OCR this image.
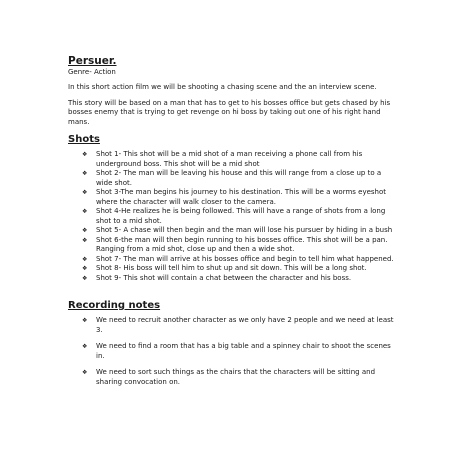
Persuer.

Genre- Action

In this short action film we will be shooting a chasing scene and the an interview scene.

This story will be based on a man that has to get to his bosses office but gets chased by his bosses enemy that is trying to get revenge on hi boss by taking out one of his right hand mans.

Shots

❖ Shot 1- This shot will be a mid shot of a man receiving a phone call from his underground boss. This shot will be a mid shot
❖ Shot 2- The man will be leaving his house and this will range from a close up to a wide shot.
❖ Shot 3-The man begins his journey to his destination. This will be a worms eyeshot where the character will walk closer to the camera.
❖ Shot 4-He realizes he is being followed. This will have a range of shots from a long shot to a mid shot.
❖ Shot 5- A chase will then begin and the man will lose his pursuer by hiding in a bush
❖ Shot 6-the man will then begin running to his bosses office. This shot will be a pan. Ranging from a mid shot, close up and then a wide shot.
❖ Shot 7- The man will arrive at his bosses office and begin to tell him what happened.
❖ Shot 8- His boss will tell him to shut up and sit down. This will be a long shot.
❖ Shot 9- This shot will contain a chat between the character and his boss.

Recording notes

❖ We need to recruit another character as we only have 2 people and we need at least 3.
❖ We need to find a room that has a big table and a spinney chair to shoot the scenes in.
❖ We need to sort such things as the chairs that the characters will be sitting and sharing convocation on.
